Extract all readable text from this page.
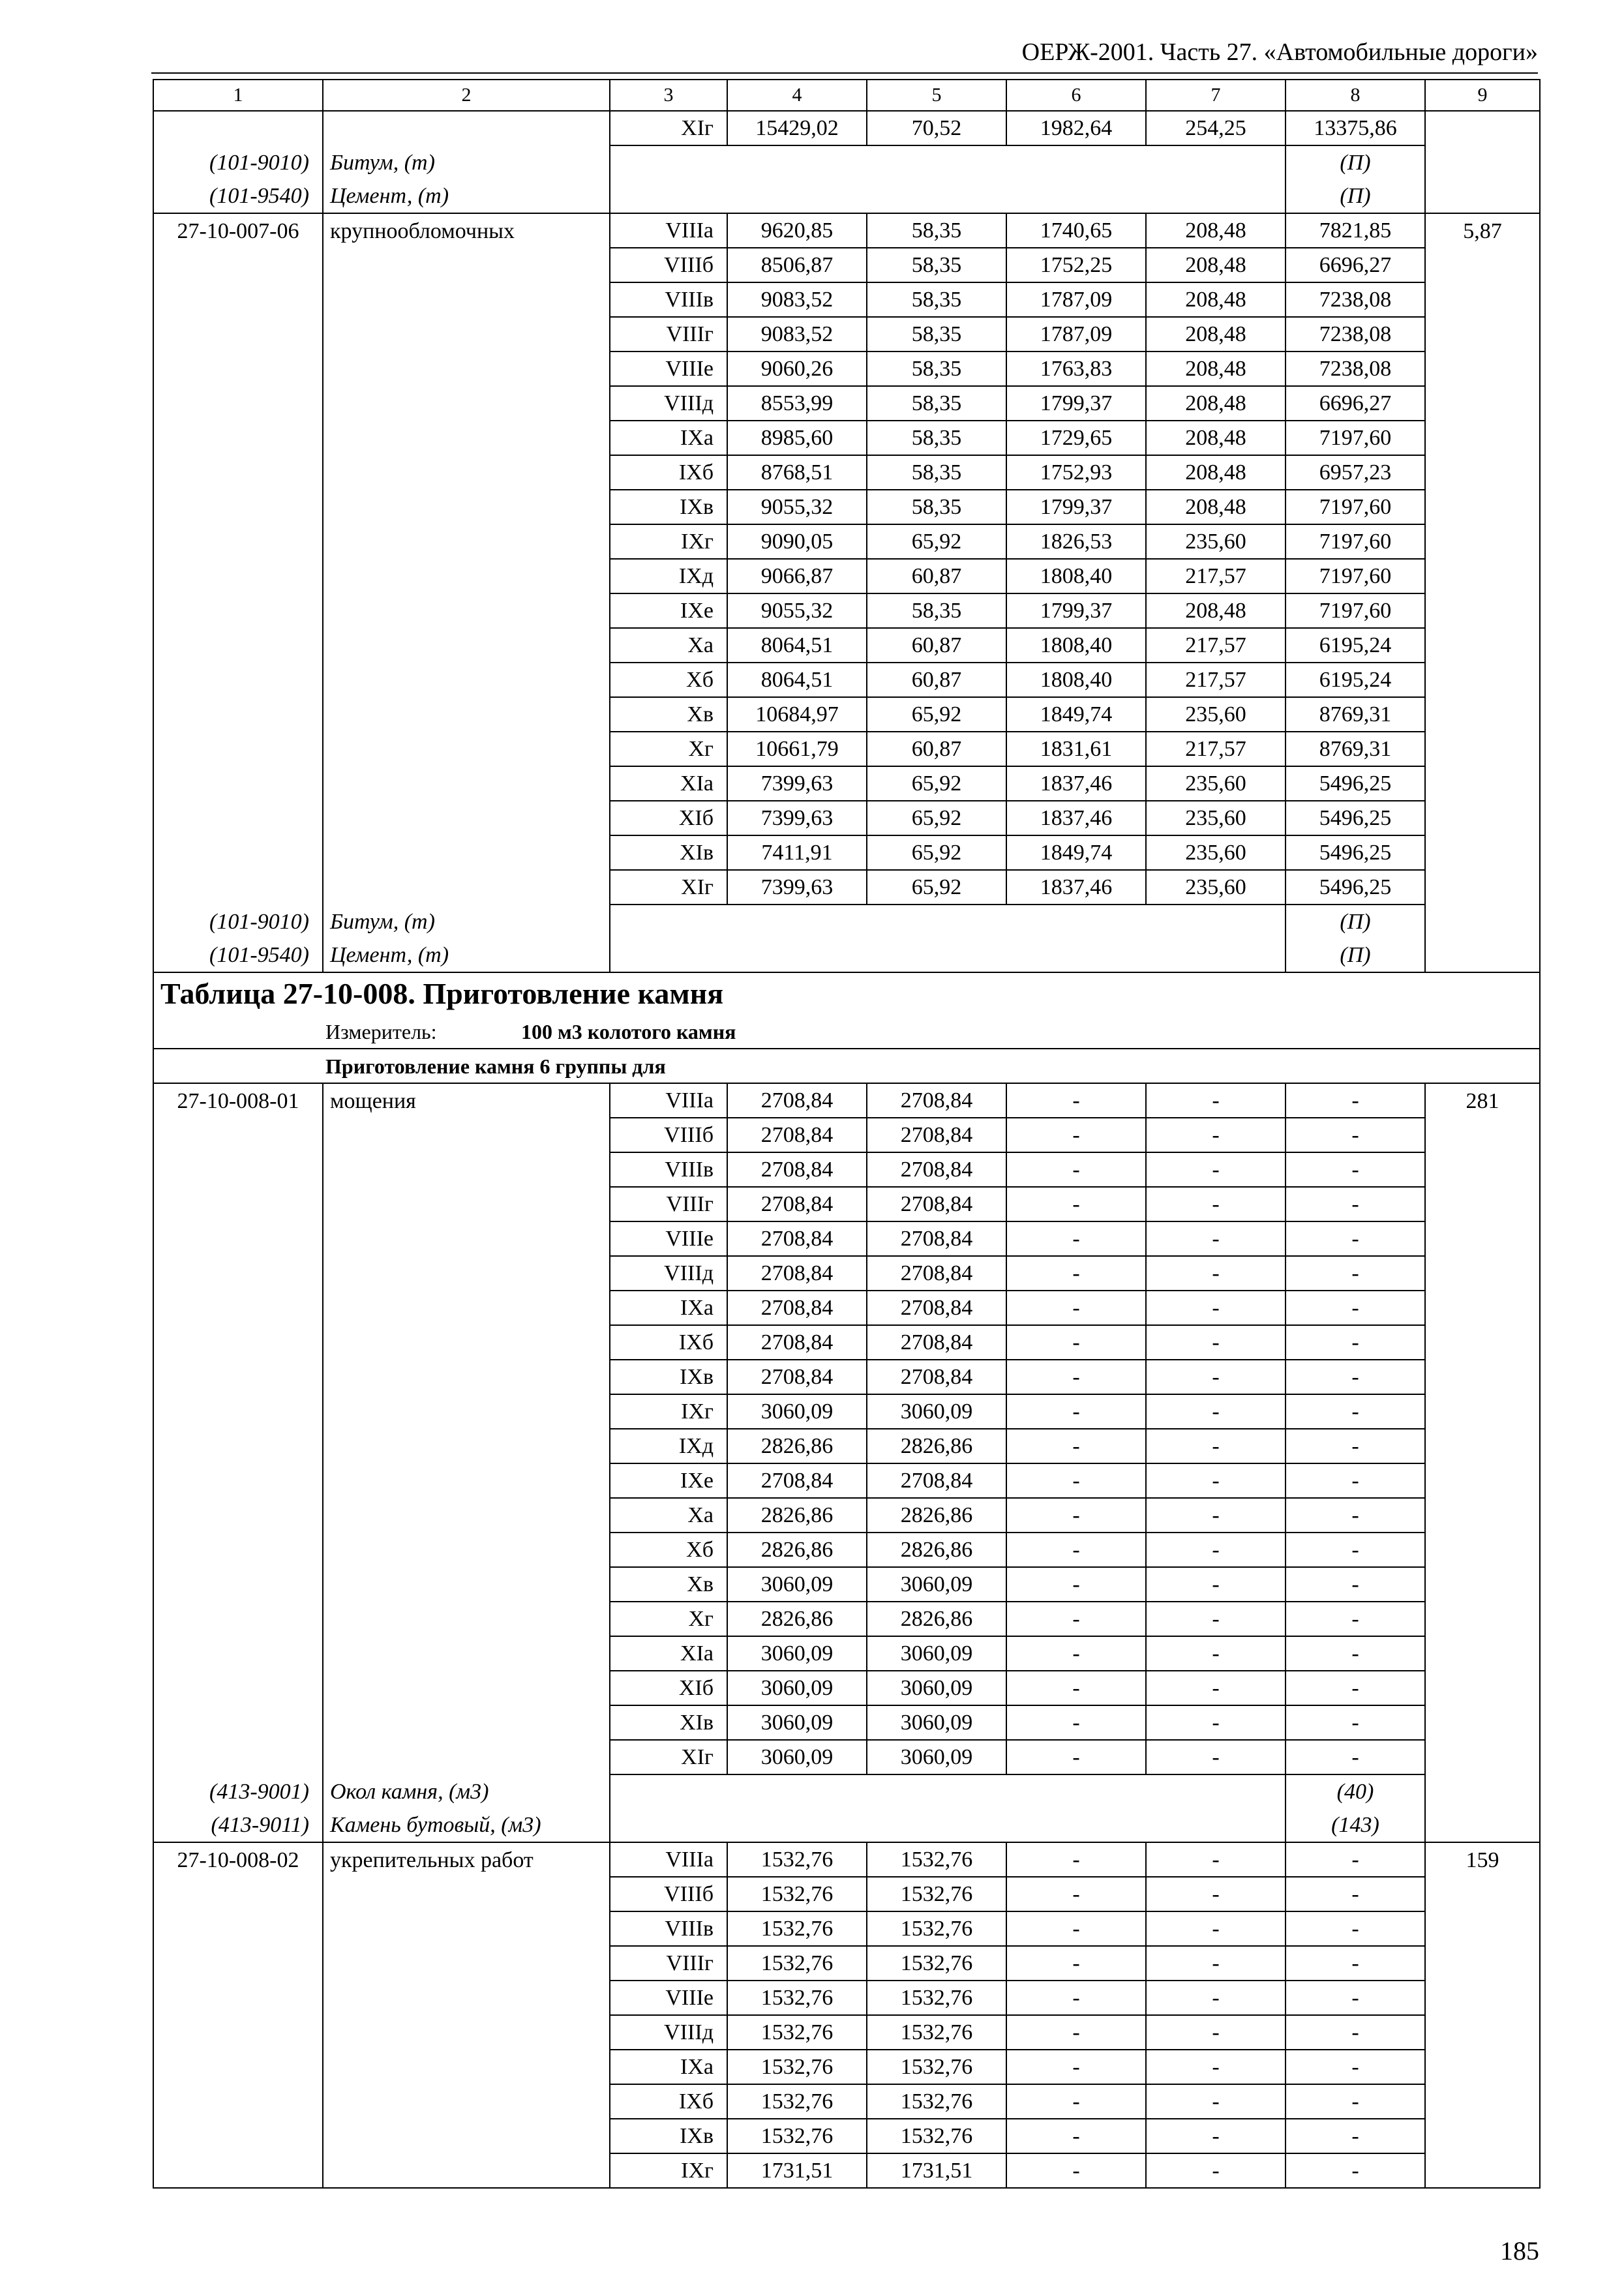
ОЕРЖ-2001. Часть 27. «Автомобильные дороги»
1	2	3	4	5	6	7	8	9
		XIг	15429,02	70,52	1982,64	254,25	13375,86	
(101-9010)	Битум, (т)						(П)	
(101-9540)	Цемент, (т)						(П)	
27-10-007-06	крупнообломочных	VIIIа	9620,85	58,35	1740,65	208,48	7821,85	5,87
		VIIIб	8506,87	58,35	1752,25	208,48	6696,27	
		VIIIв	9083,52	58,35	1787,09	208,48	7238,08	
		VIIIг	9083,52	58,35	1787,09	208,48	7238,08	
		VIIIе	9060,26	58,35	1763,83	208,48	7238,08	
		VIIIд	8553,99	58,35	1799,37	208,48	6696,27	
		IXа	8985,60	58,35	1729,65	208,48	7197,60	
		IXб	8768,51	58,35	1752,93	208,48	6957,23	
		IXв	9055,32	58,35	1799,37	208,48	7197,60	
		IXг	9090,05	65,92	1826,53	235,60	7197,60	
		IXд	9066,87	60,87	1808,40	217,57	7197,60	
		IXе	9055,32	58,35	1799,37	208,48	7197,60	
		Xа	8064,51	60,87	1808,40	217,57	6195,24	
		Xб	8064,51	60,87	1808,40	217,57	6195,24	
		Xв	10684,97	65,92	1849,74	235,60	8769,31	
		Xг	10661,79	60,87	1831,61	217,57	8769,31	
		XIа	7399,63	65,92	1837,46	235,60	5496,25	
		XIб	7399,63	65,92	1837,46	235,60	5496,25	
		XIв	7411,91	65,92	1849,74	235,60	5496,25	
		XIг	7399,63	65,92	1837,46	235,60	5496,25	
(101-9010)	Битум, (т)						(П)	
(101-9540)	Цемент, (т)						(П)	
Таблица 27-10-008. Приготовление камня								
	Измеритель: 100 м3 колотого камня							
	Приготовление камня 6 группы для							
27-10-008-01	мощения	VIIIа	2708,84	2708,84	-	-	-	281
		VIIIб	2708,84	2708,84	-	-	-	
		VIIIв	2708,84	2708,84	-	-	-	
		VIIIг	2708,84	2708,84	-	-	-	
		VIIIе	2708,84	2708,84	-	-	-	
		VIIIд	2708,84	2708,84	-	-	-	
		IXа	2708,84	2708,84	-	-	-	
		IXб	2708,84	2708,84	-	-	-	
		IXв	2708,84	2708,84	-	-	-	
		IXг	3060,09	3060,09	-	-	-	
		IXд	2826,86	2826,86	-	-	-	
		IXе	2708,84	2708,84	-	-	-	
		Xа	2826,86	2826,86	-	-	-	
		Xб	2826,86	2826,86	-	-	-	
		Xв	3060,09	3060,09	-	-	-	
		Xг	2826,86	2826,86	-	-	-	
		XIа	3060,09	3060,09	-	-	-	
		XIб	3060,09	3060,09	-	-	-	
		XIв	3060,09	3060,09	-	-	-	
		XIг	3060,09	3060,09	-	-	-	
(413-9001)	Окол камня, (м3)						(40)	
(413-9011)	Камень бутовый, (м3)						(143)	
27-10-008-02	укрепительных работ	VIIIа	1532,76	1532,76	-	-	-	159
		VIIIб	1532,76	1532,76	-	-	-	
		VIIIв	1532,76	1532,76	-	-	-	
		VIIIг	1532,76	1532,76	-	-	-	
		VIIIе	1532,76	1532,76	-	-	-	
		VIIIд	1532,76	1532,76	-	-	-	
		IXа	1532,76	1532,76	-	-	-	
		IXб	1532,76	1532,76	-	-	-	
		IXв	1532,76	1532,76	-	-	-	
		IXг	1731,51	1731,51	-	-	-	
185
